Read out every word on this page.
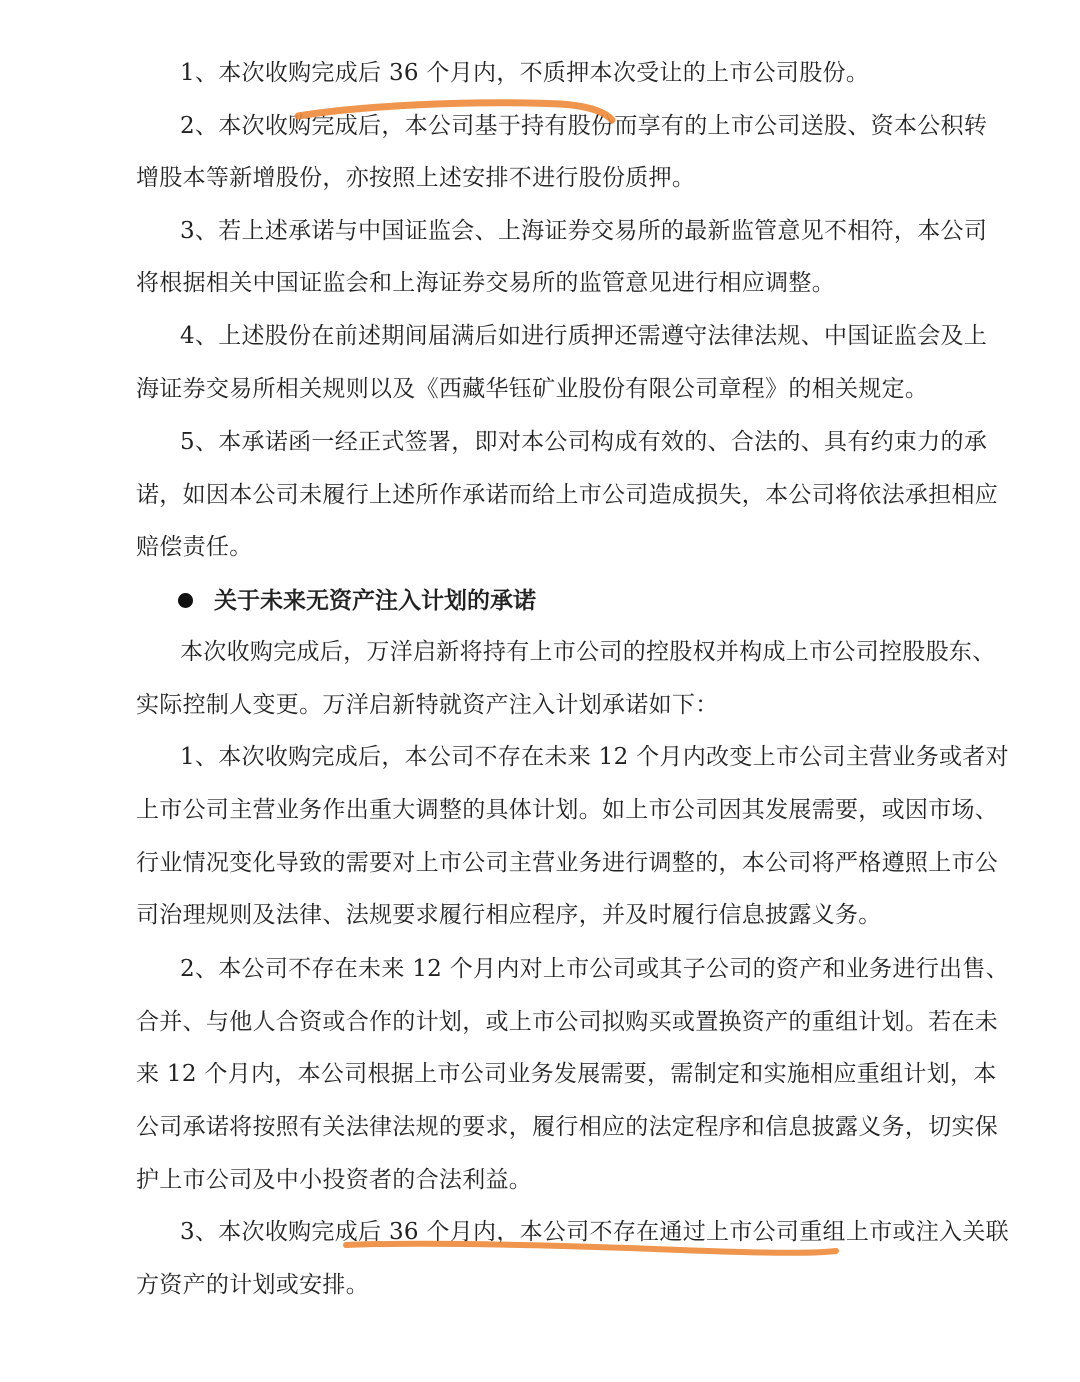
1、本次收购完成后 36 个月内，不质押本次受让的上市公司股份。
2、本次收购完成后，本公司基于持有股份而享有的上市公司送股、资本公积转
增股本等新增股份，亦按照上述安排不进行股份质押。
3、若上述承诺与中国证监会、上海证券交易所的最新监管意见不相符，本公司
将根据相关中国证监会和上海证券交易所的监管意见进行相应调整。
4、上述股份在前述期间届满后如进行质押还需遵守法律法规、中国证监会及上
海证券交易所相关规则以及《西藏华钰矿业股份有限公司章程》的相关规定。
5、本承诺函一经正式签署，即对本公司构成有效的、合法的、具有约束力的承
诺，如因本公司未履行上述所作承诺而给上市公司造成损失，本公司将依法承担相应
赔偿责任。
关于未来无资产注入计划的承诺
本次收购完成后，万洋启新将持有上市公司的控股权并构成上市公司控股股东、
实际控制人变更。万洋启新特就资产注入计划承诺如下：
1、本次收购完成后，本公司不存在未来 12 个月内改变上市公司主营业务或者对
上市公司主营业务作出重大调整的具体计划。如上市公司因其发展需要，或因市场、
行业情况变化导致的需要对上市公司主营业务进行调整的，本公司将严格遵照上市公
司治理规则及法律、法规要求履行相应程序，并及时履行信息披露义务。
2、本公司不存在未来 12 个月内对上市公司或其子公司的资产和业务进行出售、
合并、与他人合资或合作的计划，或上市公司拟购买或置换资产的重组计划。若在未
来 12 个月内，本公司根据上市公司业务发展需要，需制定和实施相应重组计划，本
公司承诺将按照有关法律法规的要求，履行相应的法定程序和信息披露义务，切实保
护上市公司及中小投资者的合法利益。
3、本次收购完成后 36 个月内，本公司不存在通过上市公司重组上市或注入关联
方资产的计划或安排。
